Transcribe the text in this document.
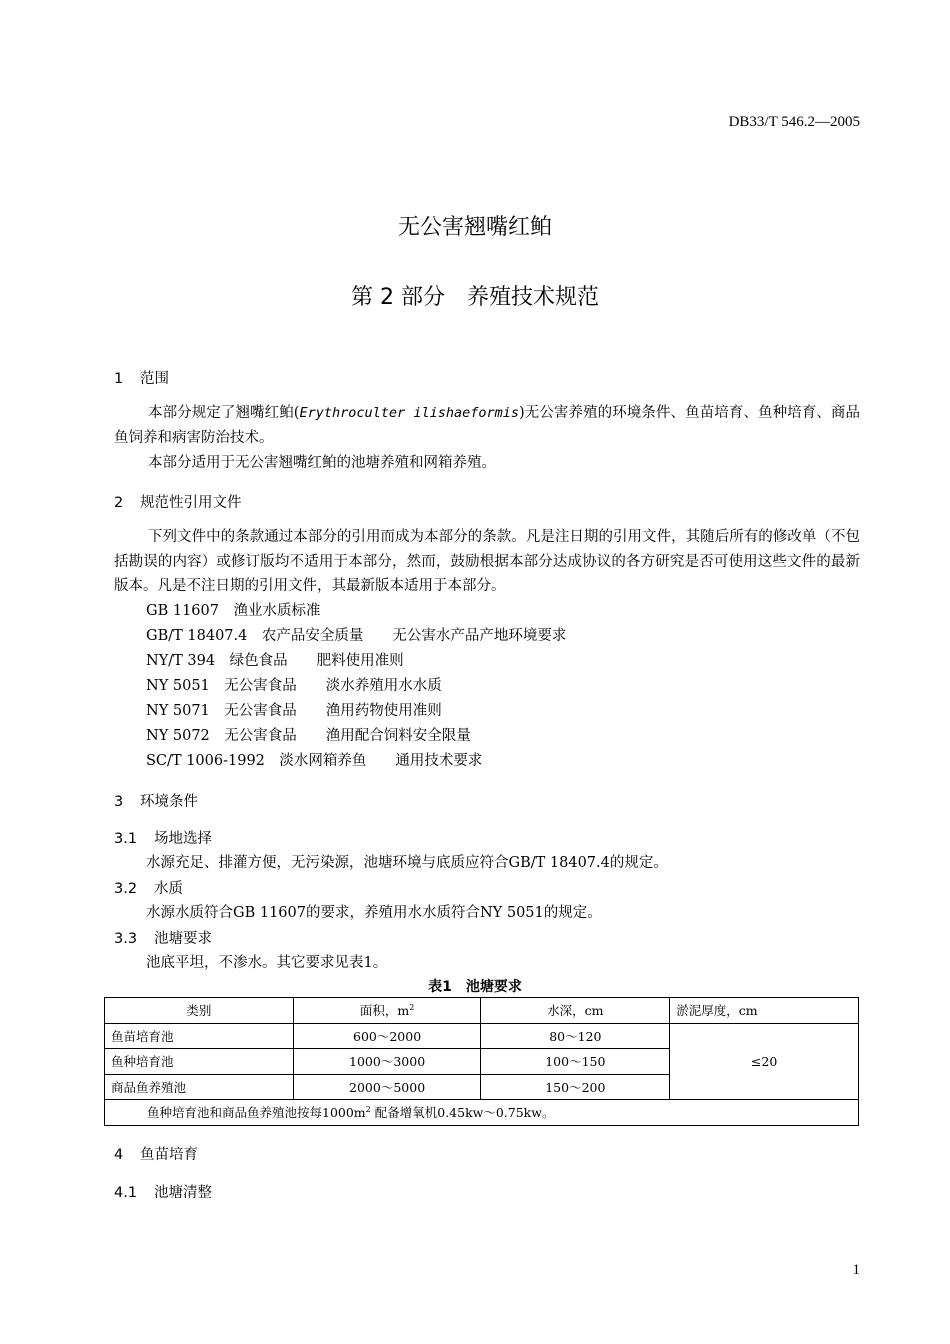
DB33/T 546.2—2005
无公害翘嘴红鲌
第 2 部分　养殖技术规范
1 范围
本部分规定了翘嘴红鲌(Erythroculter ilishaeformis)无公害养殖的环境条件、鱼苗培育、鱼种培育、商品鱼饲养和病害防治技术。
本部分适用于无公害翘嘴红鲌的池塘养殖和网箱养殖。
2 规范性引用文件
下列文件中的条款通过本部分的引用而成为本部分的条款。凡是注日期的引用文件，其随后所有的修改单（不包括勘误的内容）或修订版均不适用于本部分，然而，鼓励根据本部分达成协议的各方研究是否可使用这些文件的最新版本。凡是不注日期的引用文件，其最新版本适用于本部分。
GB 11607　渔业水质标准
GB/T 18407.4　农产品安全质量　　无公害水产品产地环境要求
NY/T 394　绿色食品　　肥料使用准则
NY 5051　无公害食品　　淡水养殖用水水质
NY 5071　无公害食品　　渔用药物使用准则
NY 5072　无公害食品　　渔用配合饲料安全限量
SC/T 1006-1992　淡水网箱养鱼　　通用技术要求
3 环境条件
3.1 场地选择
水源充足、排灌方便，无污染源，池塘环境与底质应符合GB/T 18407.4的规定。
3.2 水质
水源水质符合GB 11607的要求，养殖用水水质符合NY 5051的规定。
3.3 池塘要求
池底平坦，不渗水。其它要求见表1。
表1　池塘要求
类别	面积，$m^2$	水深，cm	淤泥厚度，cm
鱼苗培育池	600～2000	80～120	≤20
鱼种培育池	1000～3000	100～150	
商品鱼养殖池	2000～5000	150～200	
鱼种培育池和商品鱼养殖池按每$1000m^2$ 配备增氧机0.45kw～0.75kw。			
4 鱼苗培育
4.1 池塘清整
1
